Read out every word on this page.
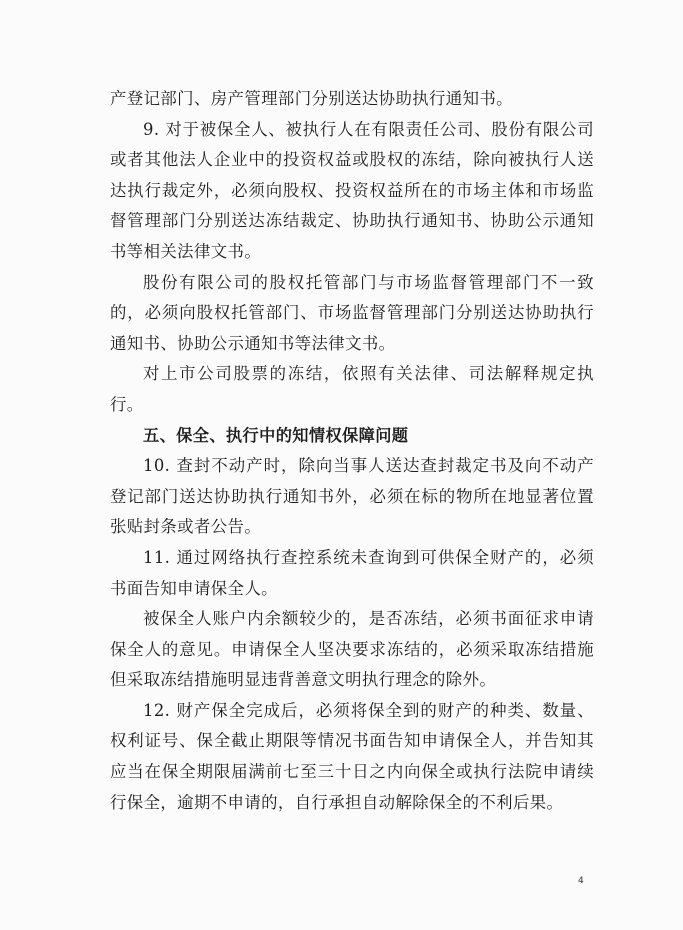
产登记部门、房产管理部门分别送达协助执行通知书。

9. 对于被保全人、被执行人在有限责任公司、股份有限公司或者其他法人企业中的投资权益或股权的冻结，除向被执行人送达执行裁定外，必须向股权、投资权益所在的市场主体和市场监督管理部门分别送达冻结裁定、协助执行通知书、协助公示通知书等相关法律文书。

股份有限公司的股权托管部门与市场监督管理部门不一致的，必须向股权托管部门、市场监督管理部门分别送达协助执行通知书、协助公示通知书等法律文书。

对上市公司股票的冻结，依照有关法律、司法解释规定执行。

五、保全、执行中的知情权保障问题

10. 查封不动产时，除向当事人送达查封裁定书及向不动产登记部门送达协助执行通知书外，必须在标的物所在地显著位置张贴封条或者公告。

11. 通过网络执行查控系统未查询到可供保全财产的，必须书面告知申请保全人。

被保全人账户内余额较少的，是否冻结，必须书面征求申请保全人的意见。申请保全人坚决要求冻结的，必须采取冻结措施但采取冻结措施明显违背善意文明执行理念的除外。

12. 财产保全完成后，必须将保全到的财产的种类、数量、权利证号、保全截止期限等情况书面告知申请保全人，并告知其应当在保全期限届满前七至三十日之内向保全或执行法院申请续行保全，逾期不申请的，自行承担自动解除保全的不利后果。

4
